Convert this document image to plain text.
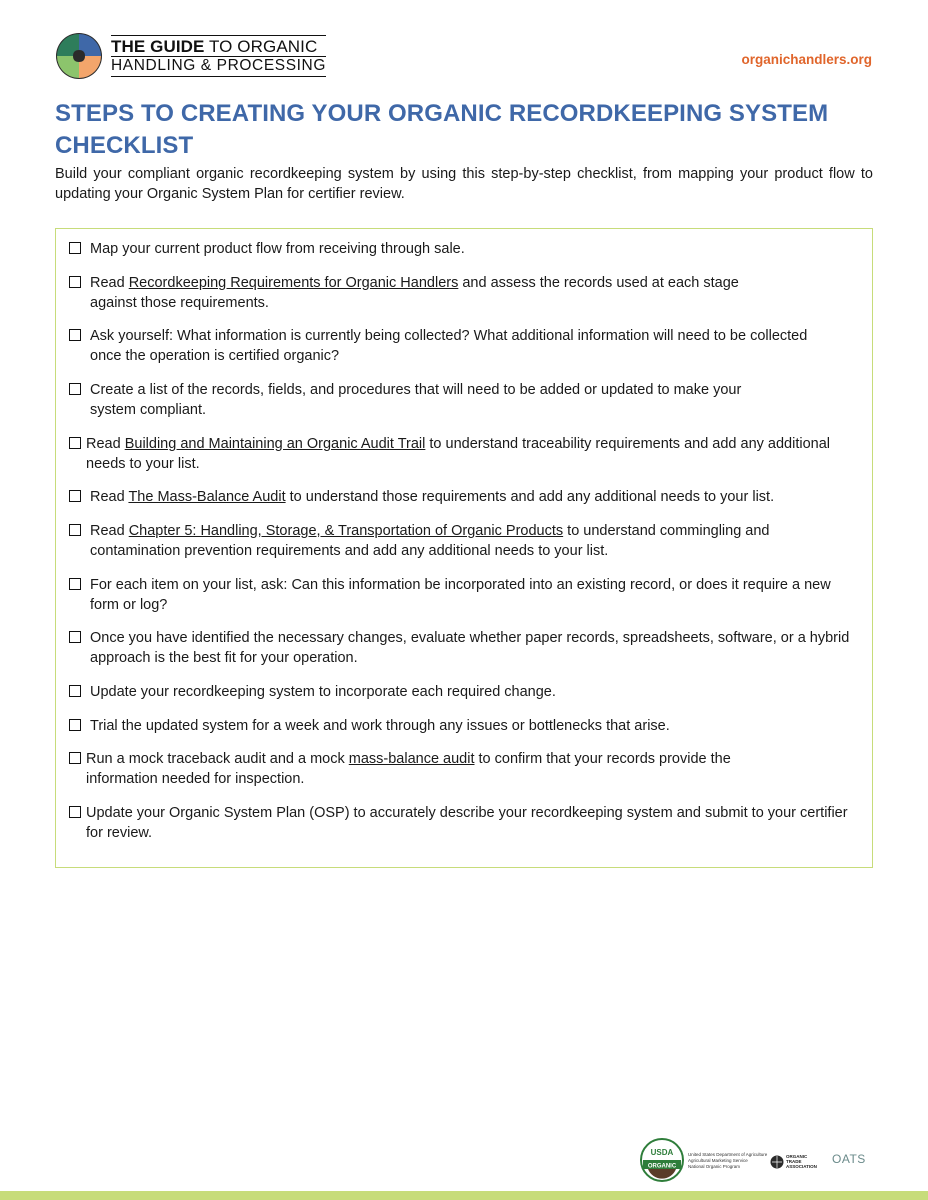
THE GUIDE TO ORGANIC
HANDLING & PROCESSING	organichandlers.org
STEPS TO CREATING YOUR ORGANIC RECORDKEEPING SYSTEM CHECKLIST

Build your compliant organic recordkeeping system by using this step-by-step checklist, from mapping your product flow to updating your Organic System Plan for certifier review.

Map your current product flow from receiving through sale.
Read Recordkeeping Requirements for Organic Handlers and assess the records used at each stage against those requirements.
Ask yourself: What information is currently being collected? What additional information will need to be collected once the operation is certified organic?
Create a list of the records, fields, and procedures that will need to be added or updated to make your system compliant.
Read Building and Maintaining an Organic Audit Trail to understand traceability requirements and add any additional needs to your list.
Read The Mass-Balance Audit to understand those requirements and add any additional needs to your list.
Read Chapter 5: Handling, Storage, & Transportation of Organic Products to understand commingling and contamination prevention requirements and add any additional needs to your list.
For each item on your list, ask: Can this information be incorporated into an existing record, or does it require a new form or log?
Once you have identified the necessary changes, evaluate whether paper records, spreadsheets, software, or a hybrid approach is the best fit for your operation.
Update your recordkeeping system to incorporate each required change.
Trial the updated system for a week and work through any issues or bottlenecks that arise.
Run a mock traceback audit and a mock mass-balance audit to confirm that your records provide the information needed for inspection.
Update your Organic System Plan (OSP) to accurately describe your recordkeeping system and submit to your certifier for review.
USDA
ORGANIC
United States Department of Agriculture
Agricultural Marketing Service
National Organic Program
ORGANIC
TRADE
ASSOCIATION
OATS
